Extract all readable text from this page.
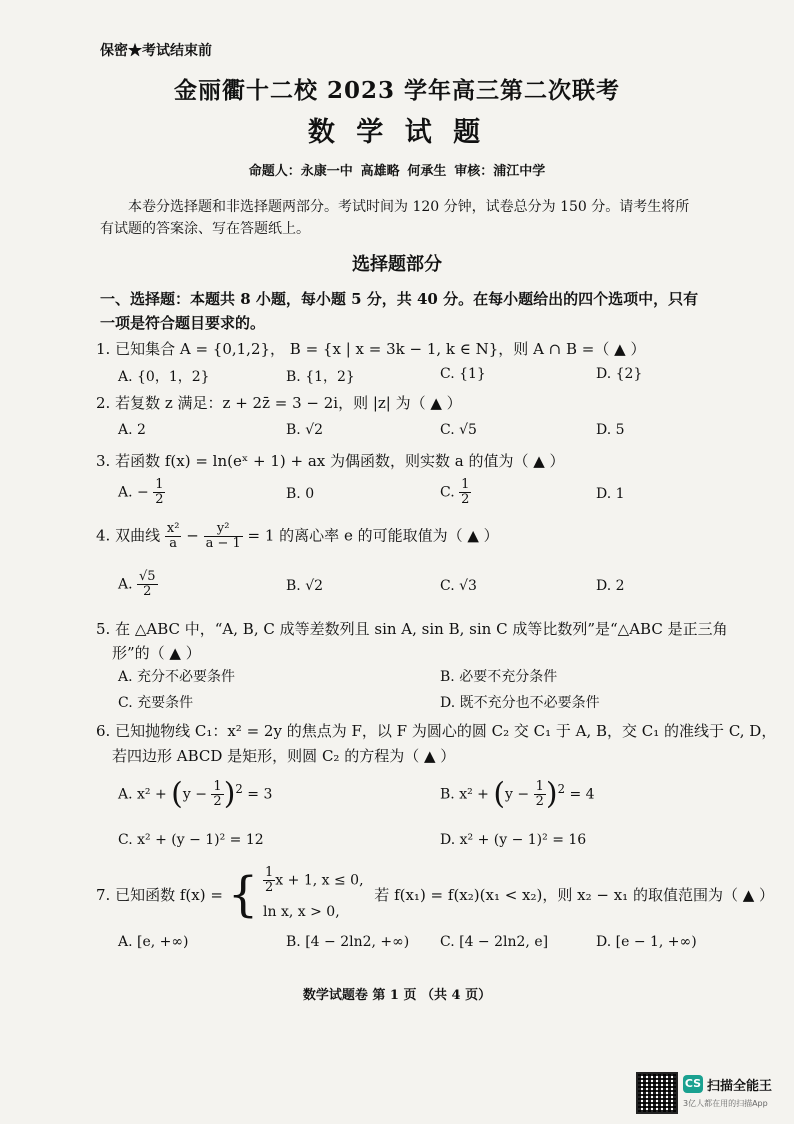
保密★考试结束前
金丽衢十二校 2023 学年高三第二次联考
数 学 试 题
命题人：永康一中 高雄略 何承生 审核：浦江中学
本卷分选择题和非选择题两部分。考试时间为 120 分钟，试卷总分为 150 分。请考生将所有试题的答案涂、写在答题纸上。
选择题部分
一、选择题：本题共 8 小题，每小题 5 分，共 40 分。在每小题给出的四个选项中，只有一项是符合题目要求的。
1. 已知集合 A = {0,1,2}， B = {x | x = 3k − 1, k ∈ N}，则 A ∩ B =（ ▲ ）
A. {0，1，2}	B. {1，2}	C. {1}	D. {2}
2. 若复数 z 满足：z + 2z̄ = 3 − 2i，则 |z| 为（ ▲ ）
A. 2	B. √2	C. √5	D. 5
3. 若函数 f(x) = ln(eˣ + 1) + ax 为偶函数，则实数 a 的值为（ ▲ ）
A. − $\frac{1}{2}$	B. 0	C. $\frac{1}{2}$	D. 1
4. 双曲线 $\frac{\text{x²}}{a} - \frac{\text{y²}}{a - 1} = 1$ 的离心率 e 的可能取值为（ ▲ ）
A. $\frac{√5}{2}$	B. √2	C. √3	D. 2
5. 在 △ABC 中，“A, B, C 成等差数列且 sin A, sin B, sin C 成等比数列”是“△ABC 是正三角
形”的（ ▲ ）
A. 充分不必要条件	B. 必要不充分条件
C. 充要条件	D. 既不充分也不必要条件
6. 已知抛物线 C₁：x² = 2y 的焦点为 F，以 F 为圆心的圆 C₂ 交 C₁ 于 A, B，交 C₁ 的准线于 C, D，
若四边形 ABCD 是矩形，则圆 C₂ 的方程为（ ▲ ）
A. $x^2 + (y - \frac{1}{2} )^2 = 3$	B. $x^2 + (y - \frac{1}{2} )^2 = 4$
C. x² + (y − 1)² = 12	D. x² + (y − 1)² = 16
7. 已知函数 f(x) = { $\frac{1}{2}$ x + 1, x ≤ 0,
ln x, x > 0,
若 f(x₁) = f(x₂)(x₁ < x₂)，则 x₂ − x₁ 的取值范围为（ ▲ ）
A. [e, +∞)	B. [4 − 2ln2, +∞) C. [4 − 2ln2, e]	D. [e − 1, +∞)
数学试题卷 第 1 页 （共 4 页）
CS 扫描全能王
3亿人都在用的扫描App
